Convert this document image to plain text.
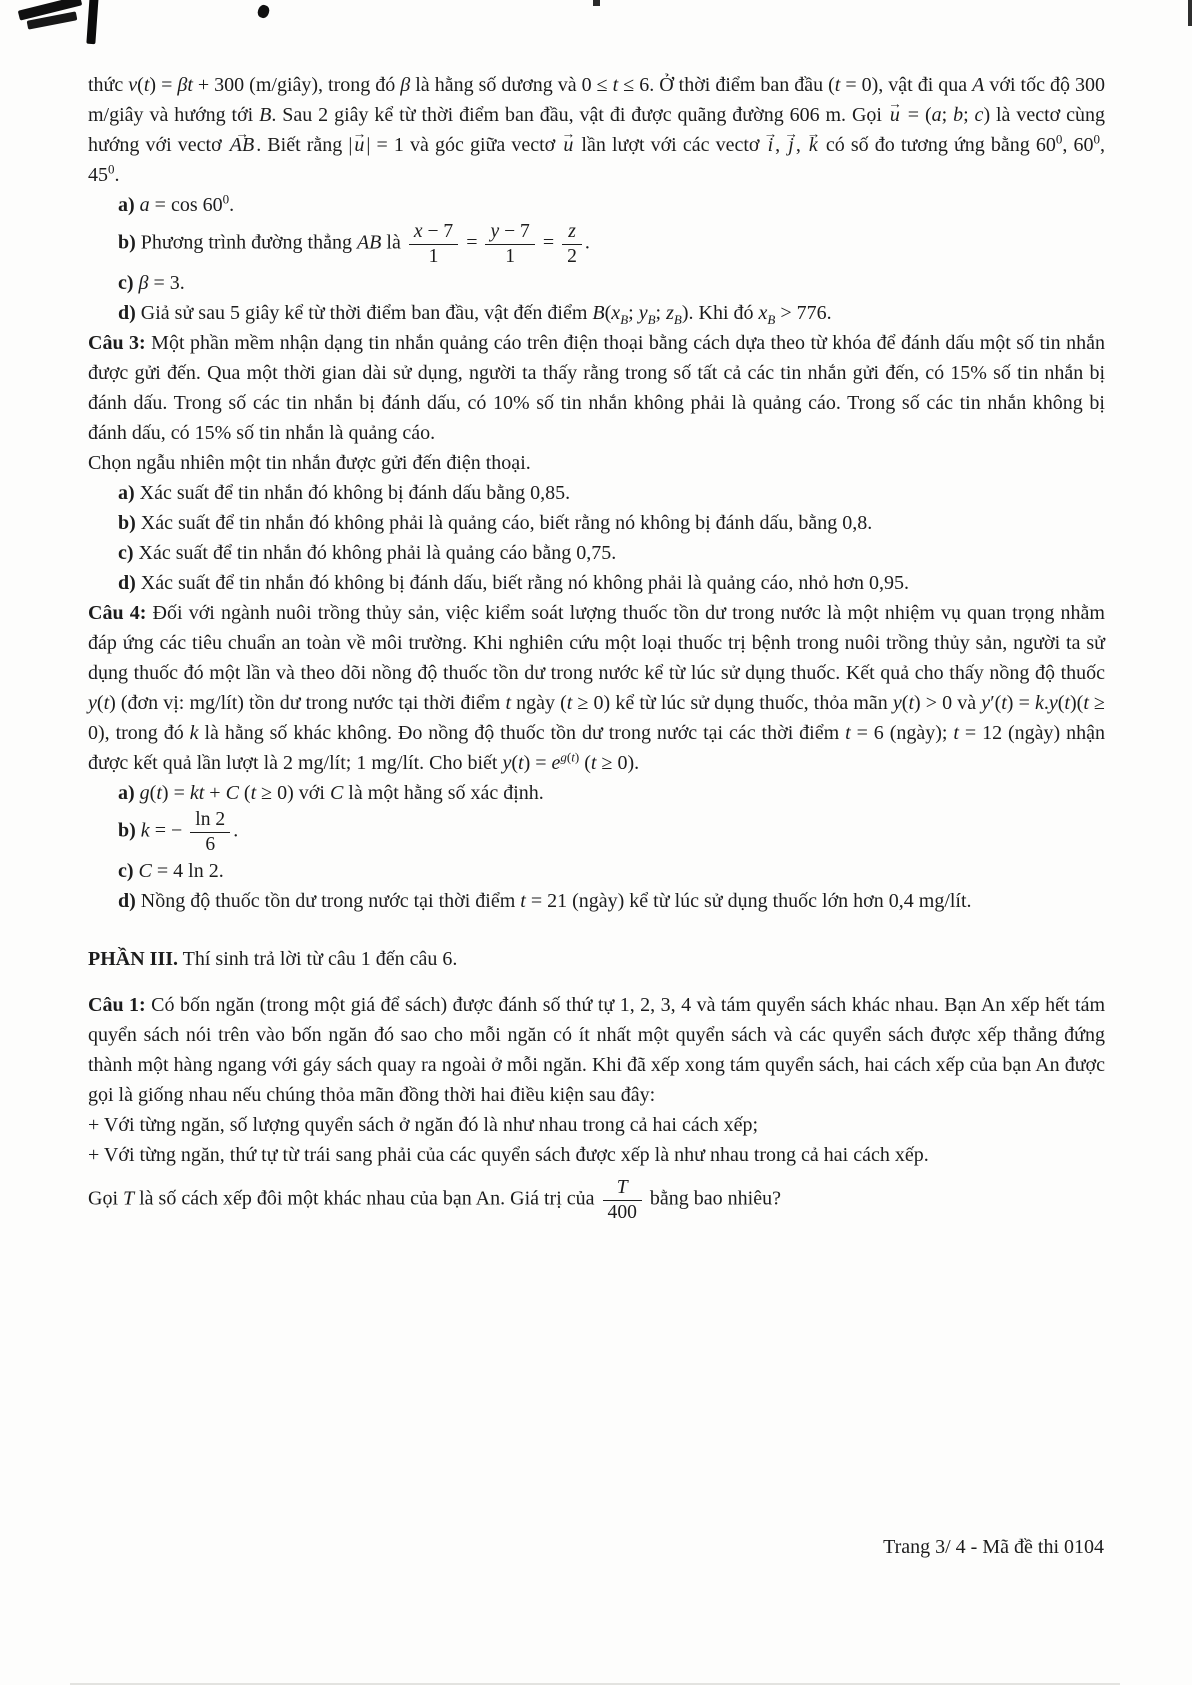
thức v(t) = βt + 300 (m/giây), trong đó β là hằng số dương và 0 ≤ t ≤ 6. Ở thời điểm ban đầu (t = 0), vật đi qua A với tốc độ 300 m/giây và hướng tới B. Sau 2 giây kể từ thời điểm ban đầu, vật đi được quãng đường 606 m. Gọi u → = (a; b; c) là vectơ cùng hướng với vectơ AB → . Biết rằng | u → | = 1 và góc giữa vectơ u → lần lượt với các vectơ i → , j → , k → có số đo tương ứng bằng $60^0$, $60^0$, $45^0$.

a) $a = \cos 60^0$.

b) Phương trình đường thẳng AB là $\frac{x - 7}{1} = \frac{y - 7}{1} = \frac{z}{2}$ .

c) β = 3.

d) Giả sử sau 5 giây kể từ thời điểm ban đầu, vật đến điểm $B(x_B$; $y_B$; $z_B$). Khi đó $x_B > 776$.

Câu 3: Một phần mềm nhận dạng tin nhắn quảng cáo trên điện thoại bằng cách dựa theo từ khóa để đánh dấu một số tin nhắn được gửi đến. Qua một thời gian dài sử dụng, người ta thấy rằng trong số tất cả các tin nhắn gửi đến, có 15% số tin nhắn bị đánh dấu. Trong số các tin nhắn bị đánh dấu, có 10% số tin nhắn không phải là quảng cáo. Trong số các tin nhắn không bị đánh dấu, có 15% số tin nhắn là quảng cáo.

Chọn ngẫu nhiên một tin nhắn được gửi đến điện thoại.

a) Xác suất để tin nhắn đó không bị đánh dấu bằng 0,85.

b) Xác suất để tin nhắn đó không phải là quảng cáo, biết rằng nó không bị đánh dấu, bằng 0,8.

c) Xác suất để tin nhắn đó không phải là quảng cáo bằng 0,75.

d) Xác suất để tin nhắn đó không bị đánh dấu, biết rằng nó không phải là quảng cáo, nhỏ hơn 0,95.

Câu 4: Đối với ngành nuôi trồng thủy sản, việc kiểm soát lượng thuốc tồn dư trong nước là một nhiệm vụ quan trọng nhằm đáp ứng các tiêu chuẩn an toàn về môi trường. Khi nghiên cứu một loại thuốc trị bệnh trong nuôi trồng thủy sản, người ta sử dụng thuốc đó một lần và theo dõi nồng độ thuốc tồn dư trong nước kể từ lúc sử dụng thuốc. Kết quả cho thấy nồng độ thuốc y(t) (đơn vị: mg/lít) tồn dư trong nước tại thời điểm t ngày (t ≥ 0) kể từ lúc sử dụng thuốc, thỏa mãn y(t) > 0 và y′(t) = k.y(t)(t ≥ 0), trong đó k là hằng số khác không. Đo nồng độ thuốc tồn dư trong nước tại các thời điểm t = 6 (ngày); t = 12 (ngày) nhận được kết quả lần lượt là 2 mg/lít; 1 mg/lít. Cho biết $y(t) = e^{g(t)}$ (t ≥ 0).

a) g(t) = kt + C (t ≥ 0) với C là một hằng số xác định.

b) k = − $\frac{\ln 2}{6}$ .

c) C = 4 ln 2.

d) Nồng độ thuốc tồn dư trong nước tại thời điểm t = 21 (ngày) kể từ lúc sử dụng thuốc lớn hơn 0,4 mg/lít.

PHẦN III. Thí sinh trả lời từ câu 1 đến câu 6.

Câu 1: Có bốn ngăn (trong một giá để sách) được đánh số thứ tự 1, 2, 3, 4 và tám quyển sách khác nhau. Bạn An xếp hết tám quyển sách nói trên vào bốn ngăn đó sao cho mỗi ngăn có ít nhất một quyển sách và các quyển sách được xếp thẳng đứng thành một hàng ngang với gáy sách quay ra ngoài ở mỗi ngăn. Khi đã xếp xong tám quyển sách, hai cách xếp của bạn An được gọi là giống nhau nếu chúng thỏa mãn đồng thời hai điều kiện sau đây:

+ Với từng ngăn, số lượng quyển sách ở ngăn đó là như nhau trong cả hai cách xếp;

+ Với từng ngăn, thứ tự từ trái sang phải của các quyển sách được xếp là như nhau trong cả hai cách xếp.

Gọi T là số cách xếp đôi một khác nhau của bạn An. Giá trị của $\frac{T}{400}$ bằng bao nhiêu?

Trang 3/ 4 - Mã đề thi 0104
